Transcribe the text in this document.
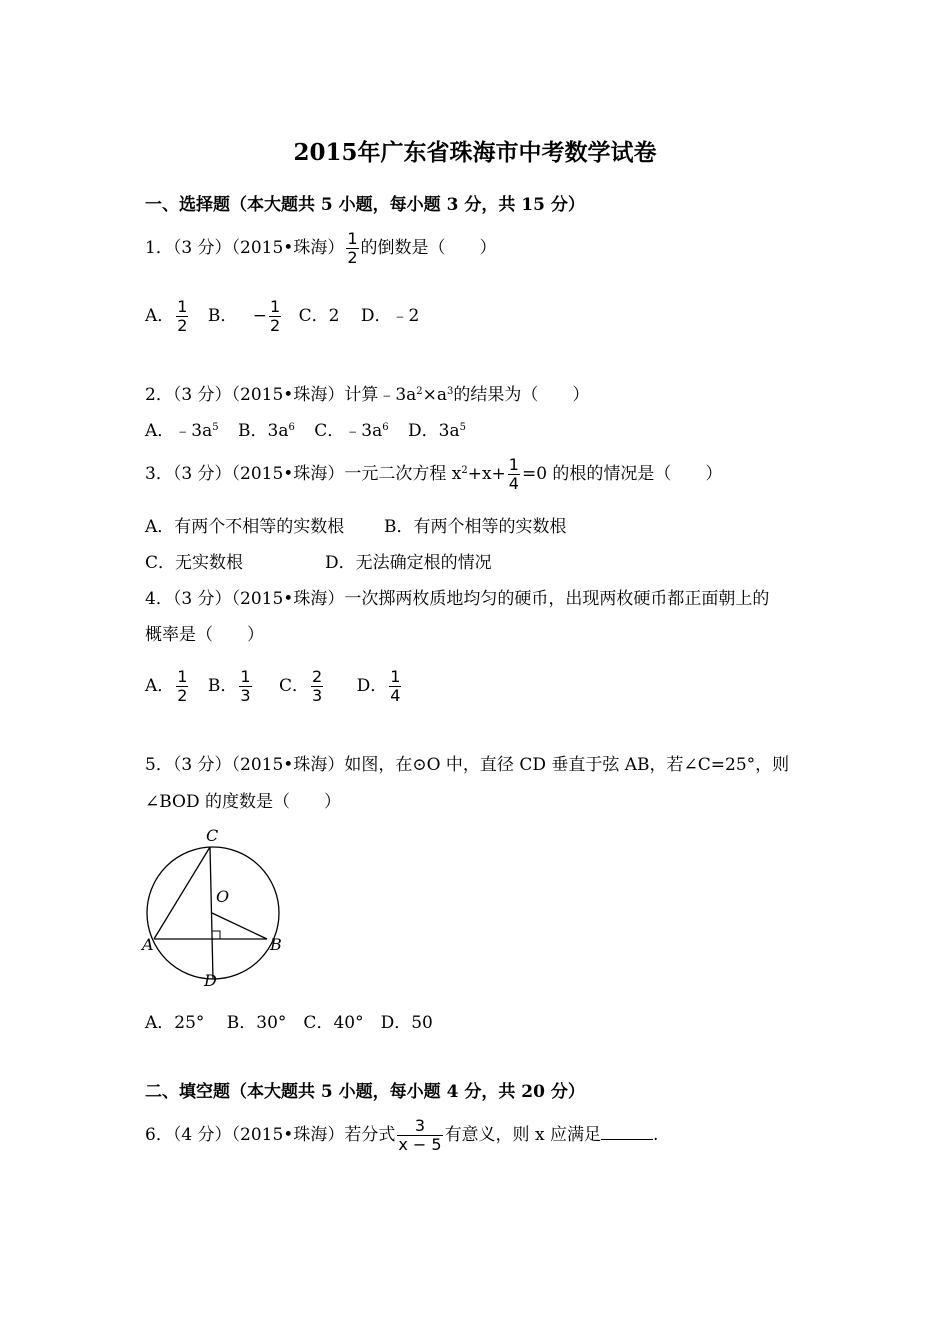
2015年广东省珠海市中考数学试卷
一、选择题（本大题共 5 小题，每小题 3 分，共 15 分）
1．（3 分）（2015•珠海） $\frac{1}{2}$ 的倒数是（　　）
A． $\frac{1}{2}$ B． − $\frac{1}{2}$ C．2 D．﹣2
2．（3 分）（2015•珠海）计算$﹣3a^2\times a^3$的结果为（　　）
A．$﹣3a^5$ B．$3a^6$ C．$﹣3a^6$ D．$3a^5$
3．（3 分）（2015•珠海）一元二次方程 $x^2+x+ \frac{1}{4} =0$ 的根的情况是（　　）
A．有两个不相等的实数根 B．有两个相等的实数根
C．无实数根	D．无法确定根的情况
4．（3 分）（2015•珠海）一次掷两枚质地均匀的硬币，出现两枚硬币都正面朝上的
概率是（　　）
A． $\frac{1}{2}$ B． $\frac{1}{3}$ C． $\frac{2}{3}$ D． $\frac{1}{4}$
5．（3 分）（2015•珠海）如图，在⊙O 中，直径 CD 垂直于弦 AB，若∠C=25°，则
∠BOD 的度数是（　　）
C
O
A	B
D
A．25°　 B．30°　C．40°　D．50
二、填空题（本大题共 5 小题，每小题 4 分，共 20 分）
6．（4 分）（2015•珠海）若分式 $\frac{3}{x - 5}$ 有意义，则 x 应满足	.
